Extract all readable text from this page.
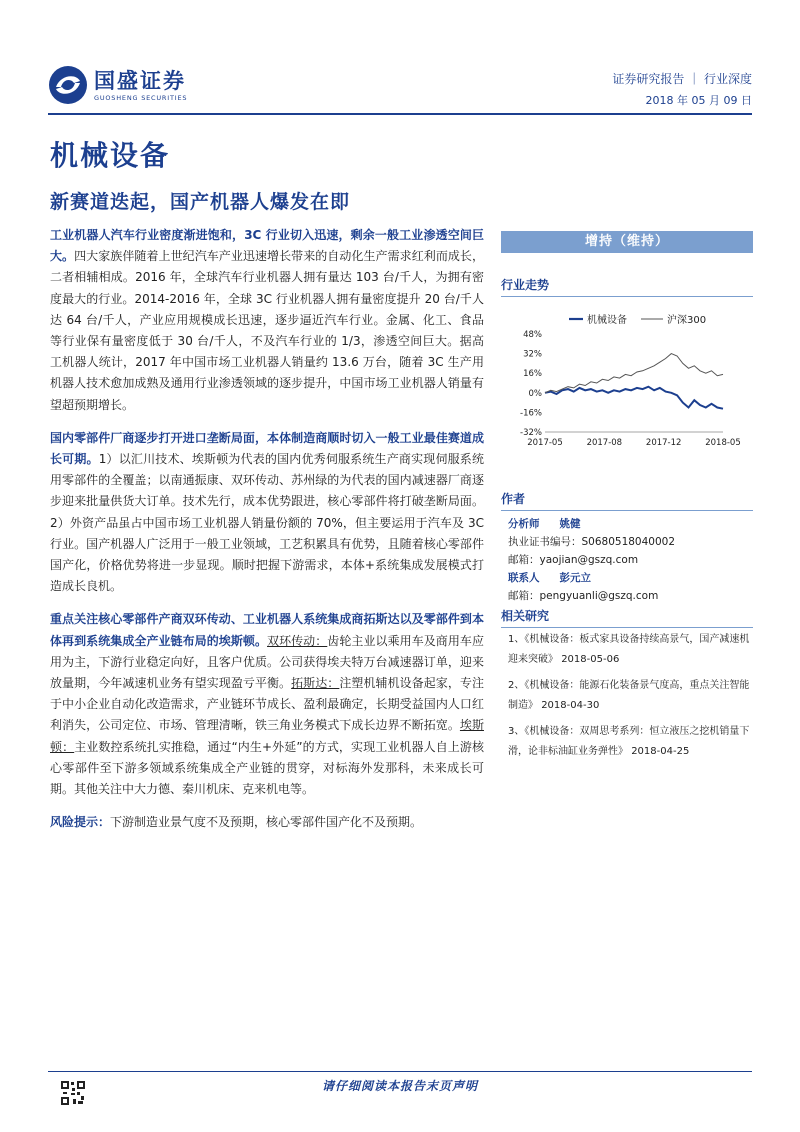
国盛证券
GUOSHENG SECURITIES
证券研究报告 ｜ 行业深度
2018 年 05 月 09 日
机械设备
新赛道迭起，国产机器人爆发在即

工业机器人汽车行业密度渐进饱和，3C 行业切入迅速，剩余一般工业渗透空间巨大。四大家族伴随着上世纪汽车产业迅速增长带来的自动化生产需求红利而成长，二者相辅相成。2016 年，全球汽车行业机器人拥有量达 103 台/千人，为拥有密度最大的行业。2014-2016 年，全球 3C 行业机器人拥有量密度提升 20 台/千人达 64 台/千人，产业应用规模成长迅速，逐步逼近汽车行业。金属、化工、食品等行业保有量密度低于 30 台/千人，不及汽车行业的 1/3，渗透空间巨大。据高工机器人统计，2017 年中国市场工业机器人销量约 13.6 万台，随着 3C 生产用机器人技术愈加成熟及通用行业渗透领域的逐步提升，中国市场工业机器人销量有望超预期增长。

国内零部件厂商逐步打开进口垄断局面，本体制造商顺时切入一般工业最佳赛道成长可期。1）以汇川技术、埃斯顿为代表的国内优秀伺服系统生产商实现伺服系统用零部件的全覆盖；以南通振康、双环传动、苏州绿的为代表的国内减速器厂商逐步迎来批量供货大订单。技术先行，成本优势跟进，核心零部件将打破垄断局面。2）外资产品虽占中国市场工业机器人销量份额的 70%，但主要运用于汽车及 3C 行业。国产机器人广泛用于一般工业领域，工艺积累具有优势，且随着核心零部件国产化，价格优势将进一步显现。顺时把握下游需求，本体+系统集成发展模式打造成长良机。

重点关注核心零部件产商双环传动、工业机器人系统集成商拓斯达以及零部件到本体再到系统集成全产业链布局的埃斯顿。双环传动：齿轮主业以乘用车及商用车应用为主，下游行业稳定向好，且客户优质。公司获得埃夫特万台减速器订单，迎来放量期，今年减速机业务有望实现盈亏平衡。拓斯达：注塑机辅机设备起家，专注于中小企业自动化改造需求，产业链环节成长、盈利最确定，长期受益国内人口红利消失，公司定位、市场、管理清晰，铁三角业务模式下成长边界不断拓宽。埃斯顿：主业数控系统扎实推稳，通过“内生+外延”的方式，实现工业机器人自上游核心零部件至下游多领域系统集成全产业链的贯穿，对标海外发那科，未来成长可期。其他关注中大力德、秦川机床、克来机电等。

风险提示：下游制造业景气度不及预期，核心零部件国产化不及预期。

增持（维持）
行业走势
机械设备	沪深300
48%
32%
16%
0%
-16%
-32%
2017-05	2017-08	2017-12	2018-05
作者
分析师 姚健
执业证书编号：S0680518040002
邮箱：yaojian@gszq.com
联系人 彭元立
邮箱：pengyuanli@gszq.com
相关研究
1、《机械设备：板式家具设备持续高景气，国产减速机迎来突破》 2018-05-06
2、《机械设备：能源石化装备景气度高，重点关注智能制造》 2018-04-30
3、《机械设备：双周思考系列：恒立液压之挖机销量下滑，论非标油缸业务弹性》 2018-04-25
请仔细阅读本报告末页声明
